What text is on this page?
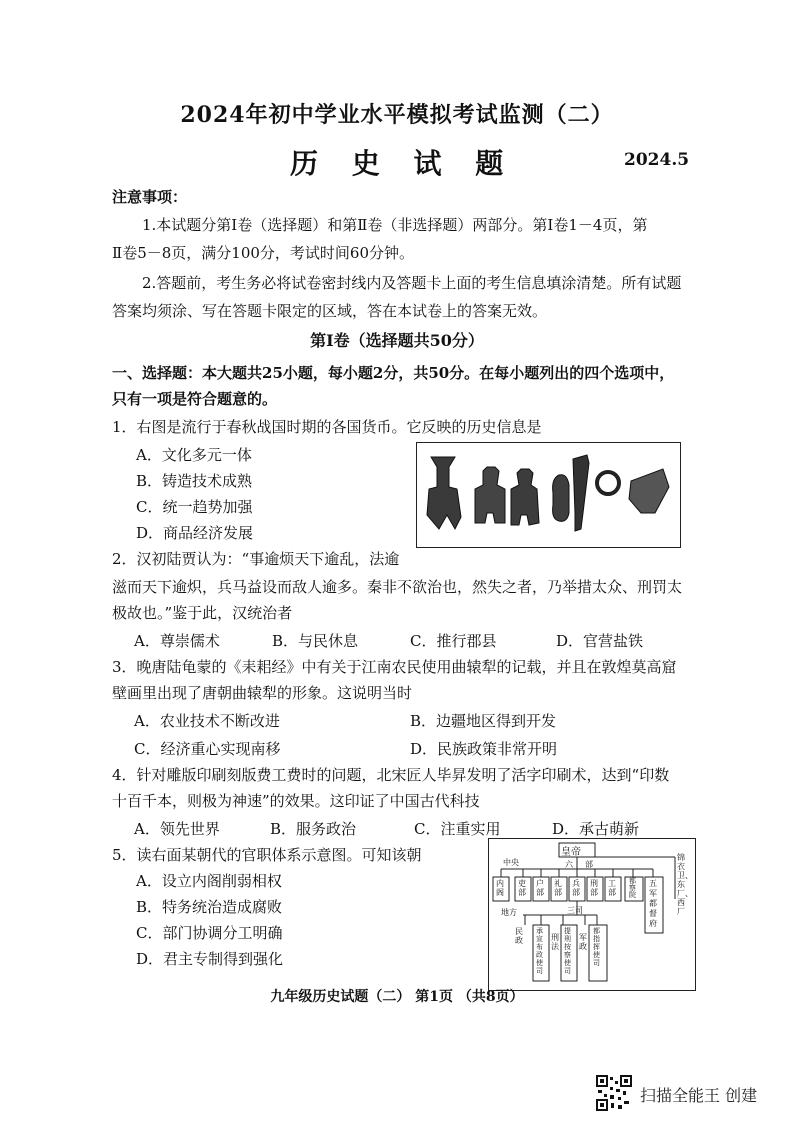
2024年初中学业水平模拟考试监测（二）
历 史 试 题	2024.5
注意事项：
1.本试题分第Ⅰ卷（选择题）和第Ⅱ卷（非选择题）两部分。第Ⅰ卷1－4页，第
Ⅱ卷5－8页，满分100分，考试时间60分钟。
2.答题前，考生务必将试卷密封线内及答题卡上面的考生信息填涂清楚。所有试题
答案均须涂、写在答题卡限定的区域，答在本试卷上的答案无效。
第Ⅰ卷（选择题共50分）
一、选择题：本大题共25小题，每小题2分，共50分。在每小题列出的四个选项中，
只有一项是符合题意的。
1．右图是流行于春秋战国时期的各国货币。它反映的历史信息是
A．文化多元一体
B．铸造技术成熟
C．统一趋势加强
D．商品经济发展
2．汉初陆贾认为：“事逾烦天下逾乱，法逾
滋而天下逾炽，兵马益设而敌人逾多。秦非不欲治也，然失之者，乃举措太众、刑罚太
极故也。”鉴于此，汉统治者
A．尊崇儒术	B．与民休息	C．推行郡县	D．官营盐铁
3．晚唐陆龟蒙的《耒耜经》中有关于江南农民使用曲辕犁的记载，并且在敦煌莫高窟
壁画里出现了唐朝曲辕犁的形象。这说明当时
A．农业技术不断改进	B．边疆地区得到开发
C．经济重心实现南移	D．民族政策非常开明
4．针对雕版印刷刻版费工费时的问题，北宋匠人毕昇发明了活字印刷术，达到“印数
十百千本，则极为神速”的效果。这印证了中国古代科技
A．领先世界	B．服务政治	C．注重实用	D．承古萌新
5．读右面某朝代的官职体系示意图。可知该朝
A．设立内阁削弱相权
B．特务统治造成腐败
C．部门协调分工明确
D．君主专制得到强化
皇帝
中央	六 部
内阁
吏部
户部
礼部
兵部
刑部
工部
都察院
五军都督府
锦衣卫、东厂、西厂
地方	三司
民政	刑法
军政
承宣布政使司
提刑按察使司
都指挥使司
九年级历史试题（二） 第1页 （共8页）
扫描全能王 创建
